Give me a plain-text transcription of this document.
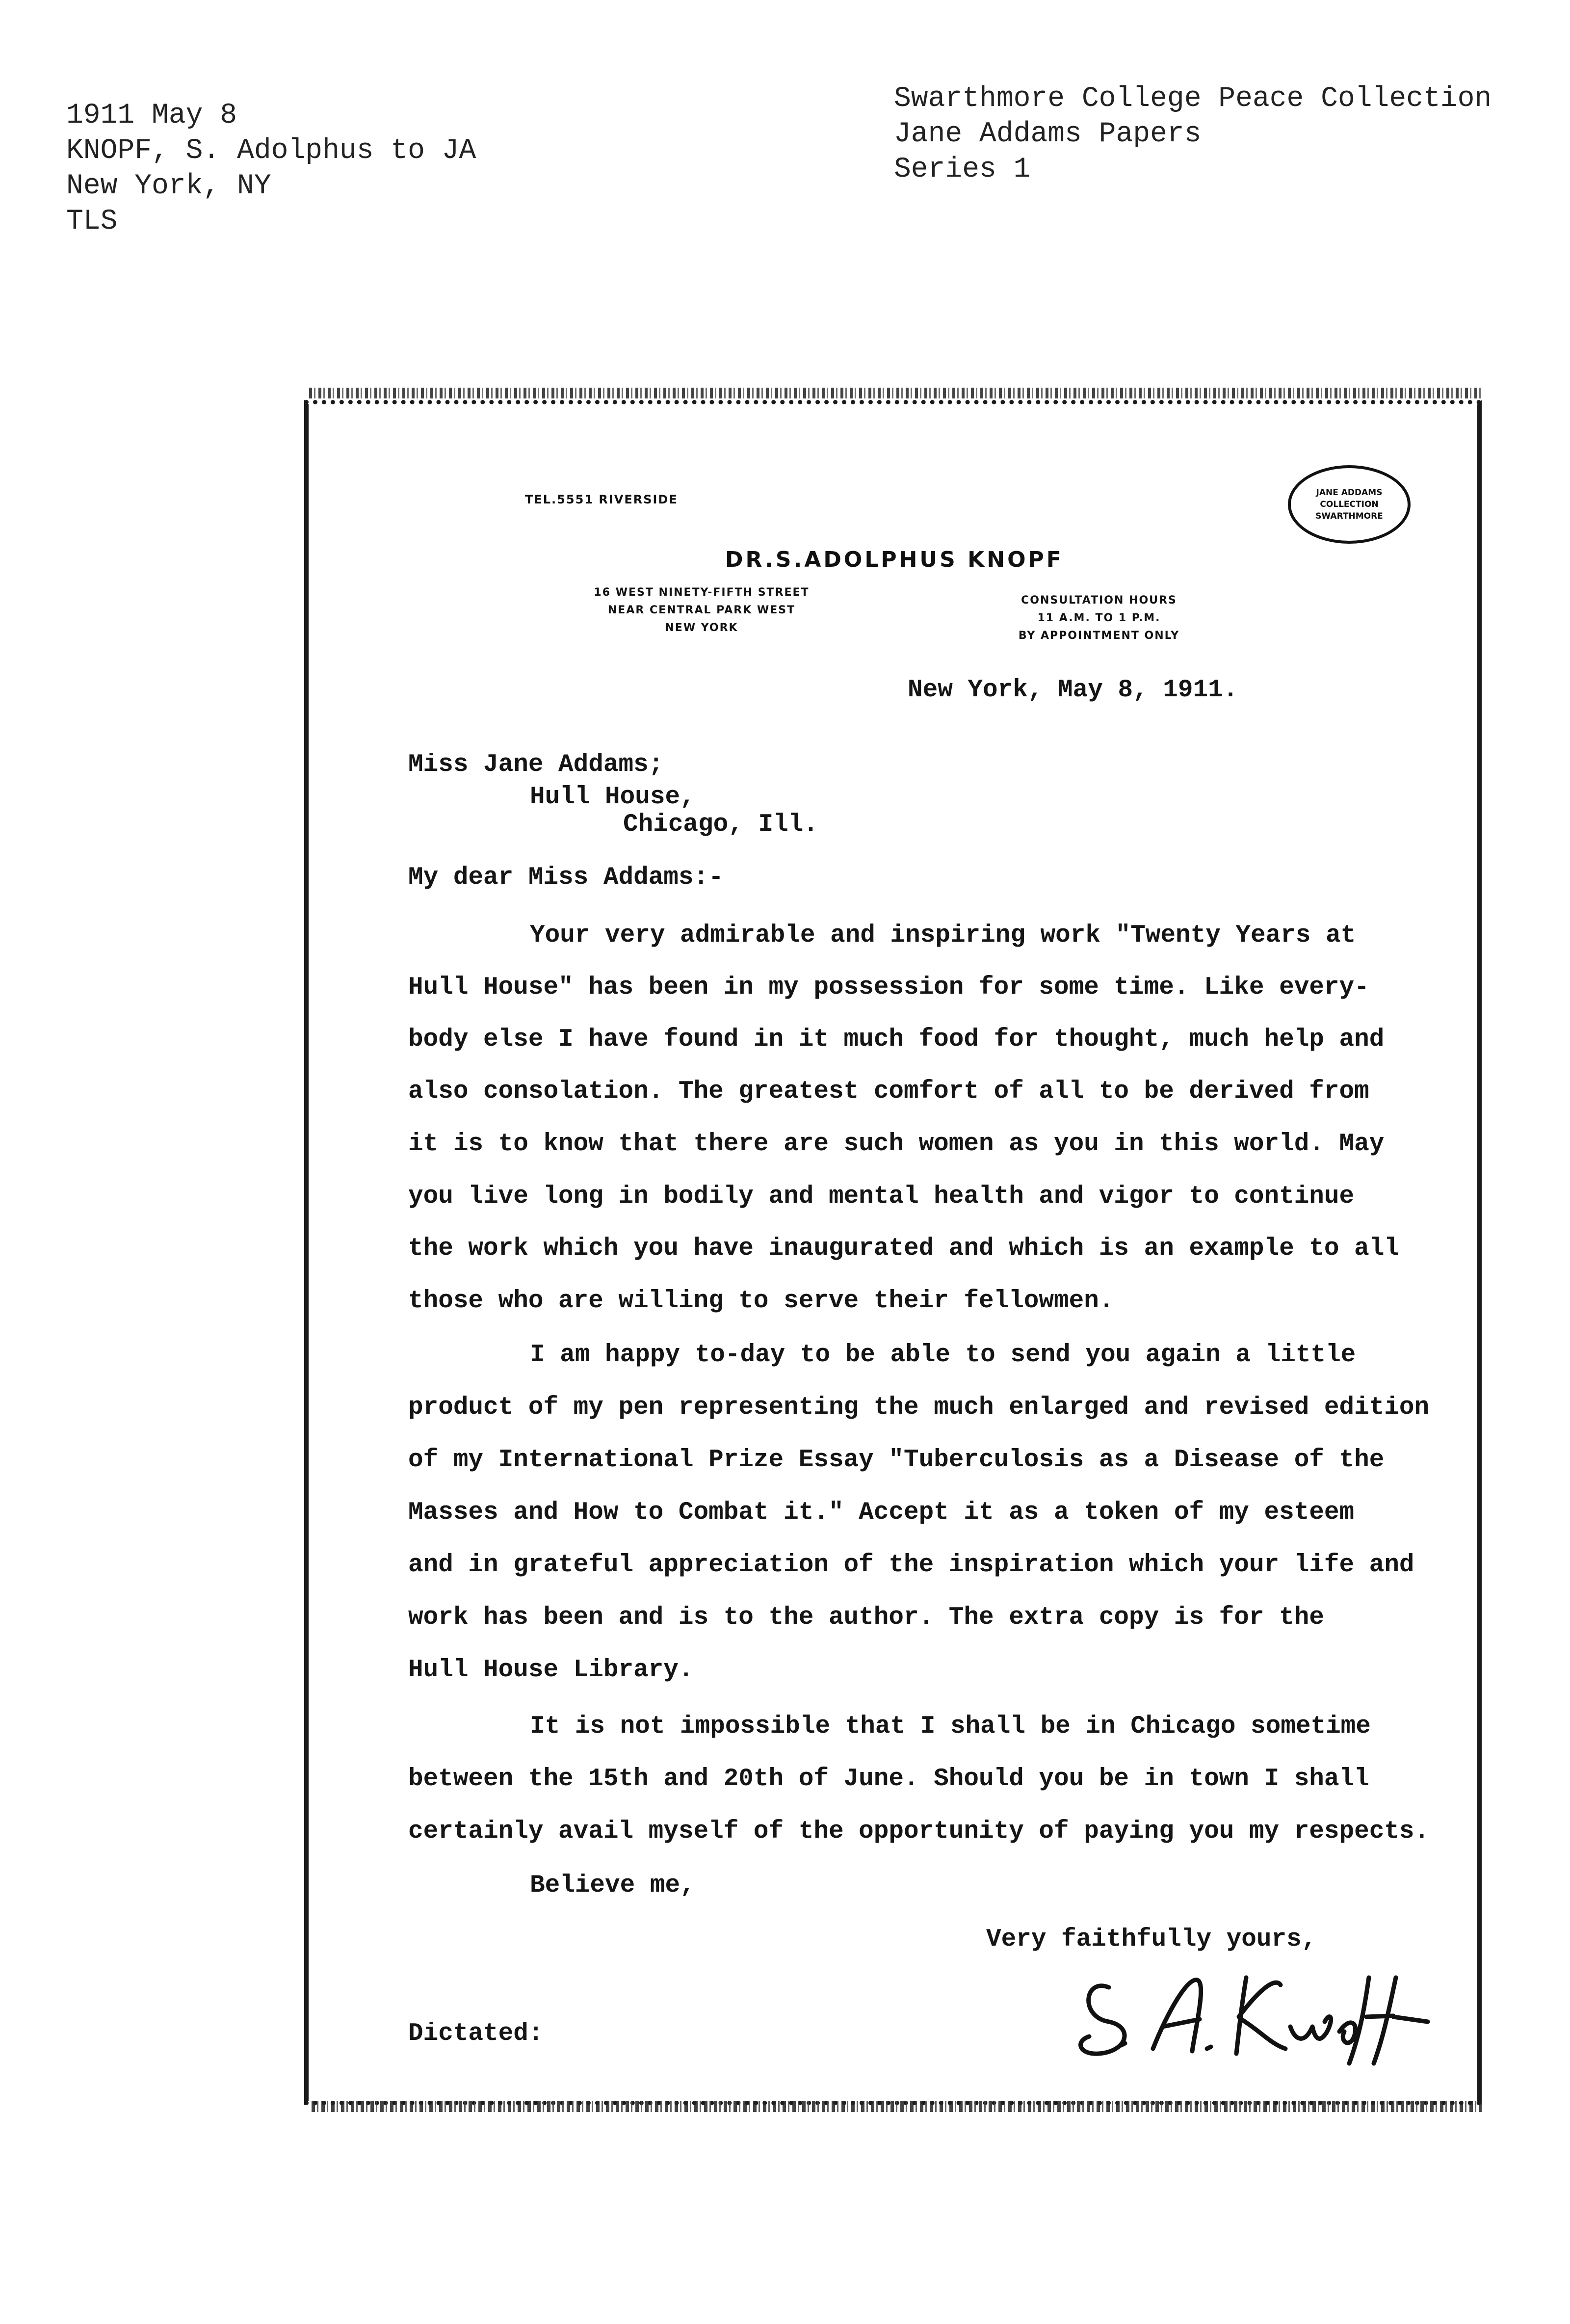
1911 May 8
KNOPF, S. Adolphus to JA
New York, NY
TLS
Swarthmore College Peace Collection
Jane Addams Papers
Series 1
TEL.5551 RIVERSIDE
DR.S.ADOLPHUS KNOPF
16 WEST NINETY-FIFTH STREET
NEAR CENTRAL PARK WEST
NEW YORK
CONSULTATION HOURS
11 A.M. TO 1 P.M.
BY APPOINTMENT ONLY
JANE ADDAMS
COLLECTION
SWARTHMORE
New York, May 8, 1911.
Miss Jane Addams;
Hull House,
Chicago, Ill.
My dear Miss Addams:-
Your very admirable and inspiring work "Twenty Years at
Hull House" has been in my possession for some time. Like every-
body else I have found in it much food for thought, much help and
also consolation. The greatest comfort of all to be derived from
it is to know that there are such women as you in this world. May
you live long in bodily and mental health and vigor to continue
the work which you have inaugurated and which is an example to all
those who are willing to serve their fellowmen.
I am happy to-day to be able to send you again a little
product of my pen representing the much enlarged and revised edition
of my International Prize Essay "Tuberculosis as a Disease of the
Masses and How to Combat it." Accept it as a token of my esteem
and in grateful appreciation of the inspiration which your life and
work has been and is to the author. The extra copy is for the
Hull House Library.
It is not impossible that I shall be in Chicago sometime
between the 15th and 20th of June. Should you be in town I shall
certainly avail myself of the opportunity of paying you my respects.
Believe me,
Very faithfully yours,
Dictated:
